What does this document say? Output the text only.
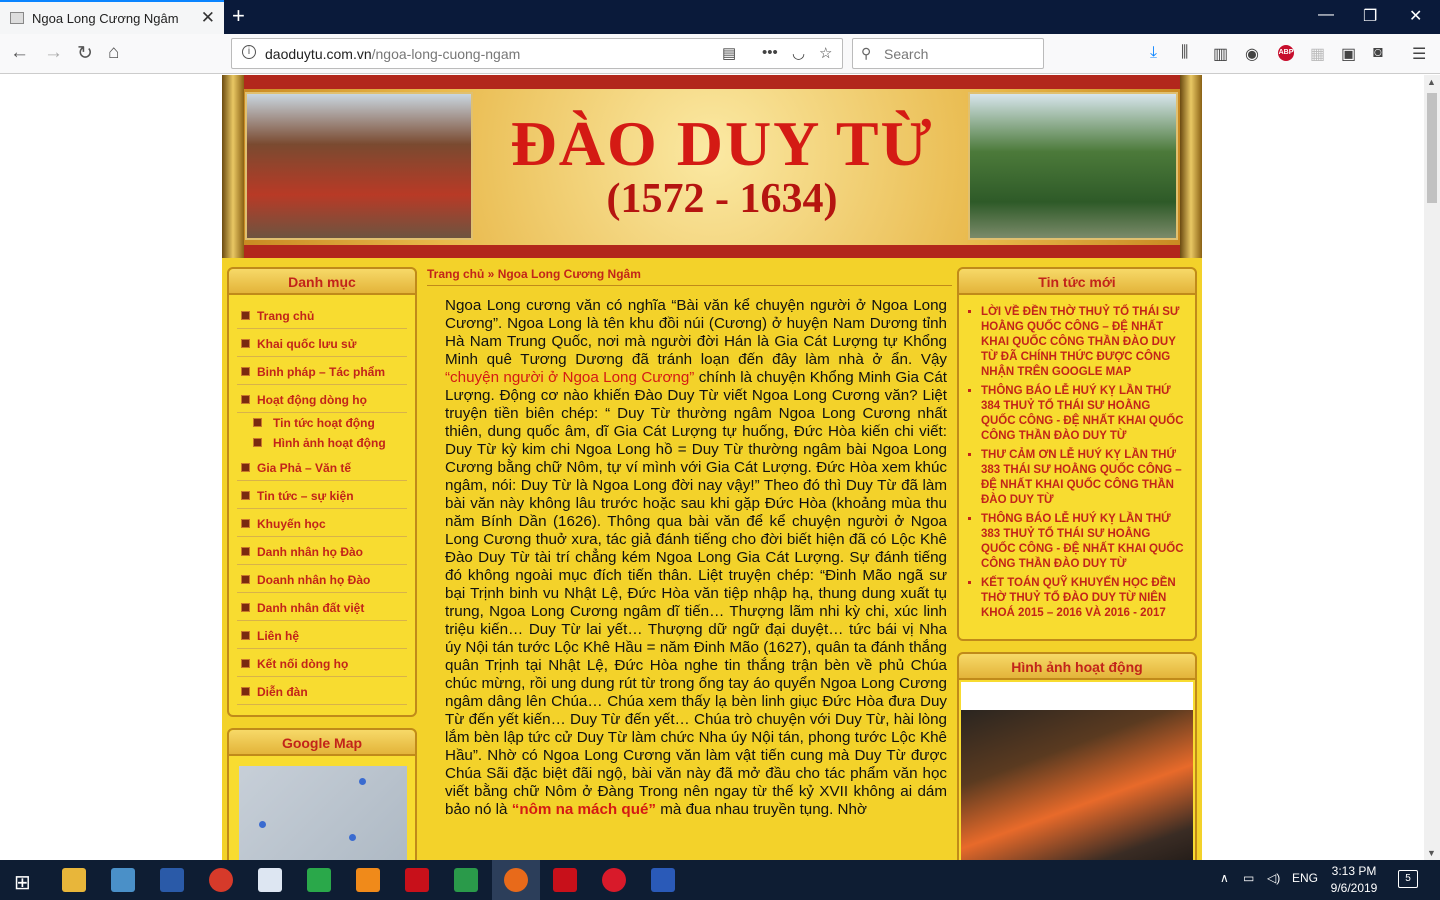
Ngoa Long Cương Ngâm ✕ +	— ❐ ✕
← → ↻ ⌂	i	daoduytu.com.vn/ngoa-long-cuong-ngam	▤ ••• ◡ ☆ ⚲ Search	⤓ ⫼ ▥ ◉	▦ ▣ ◙ ☰
ABP
ĐÀO DUY TỪ
(1572 - 1634)
Danh mục
Trang chủ
Khai quốc lưu sử
Binh pháp – Tác phẩm
Hoạt động dòng họ
Tin tức hoạt động
Hình ảnh hoạt động
Gia Phả – Văn tế
Tin tức – sự kiện
Khuyến học
Danh nhân họ Đào
Doanh nhân họ Đào
Danh nhân đất việt
Liên hệ
Kết nối dòng họ
Diễn đàn
Google Map
Trang chủ » Ngoa Long Cương Ngâm
Ngoa Long cương văn có nghĩa “Bài văn kể chuyện người ở Ngoa Long Cương”. Ngoa Long là tên khu đồi núi (Cương) ở huyện Nam Dương tỉnh Hà Nam Trung Quốc, nơi mà người đời Hán là Gia Cát Lượng tự Khổng Minh quê Tương Dương đã tránh loạn đến đây làm nhà ở ẩn. Vậy “chuyện người ở Ngoa Long Cương” chính là chuyện Khổng Minh Gia Cát Lượng. Động cơ nào khiến Đào Duy Từ viết Ngoa Long Cương văn? Liệt truyện tiền biên chép: “ Duy Từ thường ngâm Ngoa Long Cương nhất thiên, dung quốc âm, dĩ Gia Cát Lượng tự huống, Đức Hòa kiến chi viết: Duy Từ kỳ kim chi Ngoa Long hồ = Duy Từ thường ngâm bài Ngoa Long Cương bằng chữ Nôm, tự ví mình với Gia Cát Lượng. Đức Hòa xem khúc ngâm, nói: Duy Từ là Ngoa Long đời nay vậy!” Theo đó thì Duy Từ đã làm bài văn này không lâu trước hoặc sau khi gặp Đức Hòa (khoảng mùa thu năm Bính Dần (1626). Thông qua bài văn để kể chuyện người ở Ngoa Long Cương thuở xưa, tác giả đánh tiếng cho đời biết hiện đã có Lộc Khê Đào Duy Từ tài trí chẳng kém Ngoa Long Gia Cát Lượng. Sự đánh tiếng đó không ngoài mục đích tiến thân. Liệt truyện chép: “Đinh Mão ngã sư bại Trịnh binh vu Nhật Lệ, Đức Hòa văn tiệp nhập hạ, thung dung xuất tụ trung, Ngoa Long Cương ngâm dĩ tiến… Thượng lãm nhi kỳ chi, xúc linh triệu kiến… Duy Từ lai yết… Thượng dữ ngữ đại duyệt… tức bái vị Nha úy Nội tán tước Lộc Khê Hầu = năm Đinh Mão (1627), quân ta đánh thắng quân Trịnh tại Nhật Lệ, Đức Hòa nghe tin thắng trận bèn về phủ Chúa chúc mừng, rồi ung dung rút từ trong ống tay áo quyển Ngoa Long Cương ngâm dâng lên Chúa… Chúa xem thấy lạ bèn linh giục Đức Hòa đưa Duy Từ đến yết kiến… Duy Từ đến yết… Chúa trò chuyện với Duy Từ, hài lòng lắm bèn lập tức cử Duy Từ làm chức Nha úy Nội tán, phong tước Lộc Khê Hầu”. Nhờ có Ngoa Long Cương văn làm vật tiến cung mà Duy Từ được Chúa Sãi đặc biệt đãi ngộ, bài văn này đã mở đầu cho tác phẩm văn học viết bằng chữ Nôm ở Đàng Trong nên ngay từ thế kỷ XVII không ai dám bảo nó là “nôm na mách qué” mà đua nhau truyền tụng. Nhờ
Tin tức mới
▪ LỜI VỀ ĐỀN THỜ THUỶ TỔ THÁI SƯ HOẰNG QUỐC CÔNG – ĐỆ NHẤT KHAI QUỐC CÔNG THẦN ĐÀO DUY TỪ ĐÃ CHÍNH THỨC ĐƯỢC CÔNG NHẬN TRÊN GOOGLE MAP
▪ THÔNG BÁO LỄ HUÝ KỴ LẦN THỨ 384 THUỶ TỔ THÁI SƯ HOẰNG QUỐC CÔNG - ĐỆ NHẤT KHAI QUỐC CÔNG THẦN ĐÀO DUY TỪ
▪ THƯ CẢM ƠN LỄ HUÝ KỴ LẦN THỨ 383 THÁI SƯ HOẰNG QUỐC CÔNG – ĐỆ NHẤT KHAI QUỐC CÔNG THẦN ĐÀO DUY TỪ
▪ THÔNG BÁO LỄ HUÝ KỴ LẦN THỨ 383 THUỶ TỔ THÁI SƯ HOẰNG QUỐC CÔNG - ĐỆ NHẤT KHAI QUỐC CÔNG THẦN ĐÀO DUY TỪ
▪ KẾT TOÁN QUỸ KHUYẾN HỌC ĐỀN THỜ THUỶ TỔ ĐÀO DUY TỪ NIÊN KHOÁ 2015 – 2016 VÀ 2016 - 2017
Hình ảnh hoạt động
▲
▼
⊞	∧ ▭ ◁) ENG	3:13 PM
9/6/2019
5
